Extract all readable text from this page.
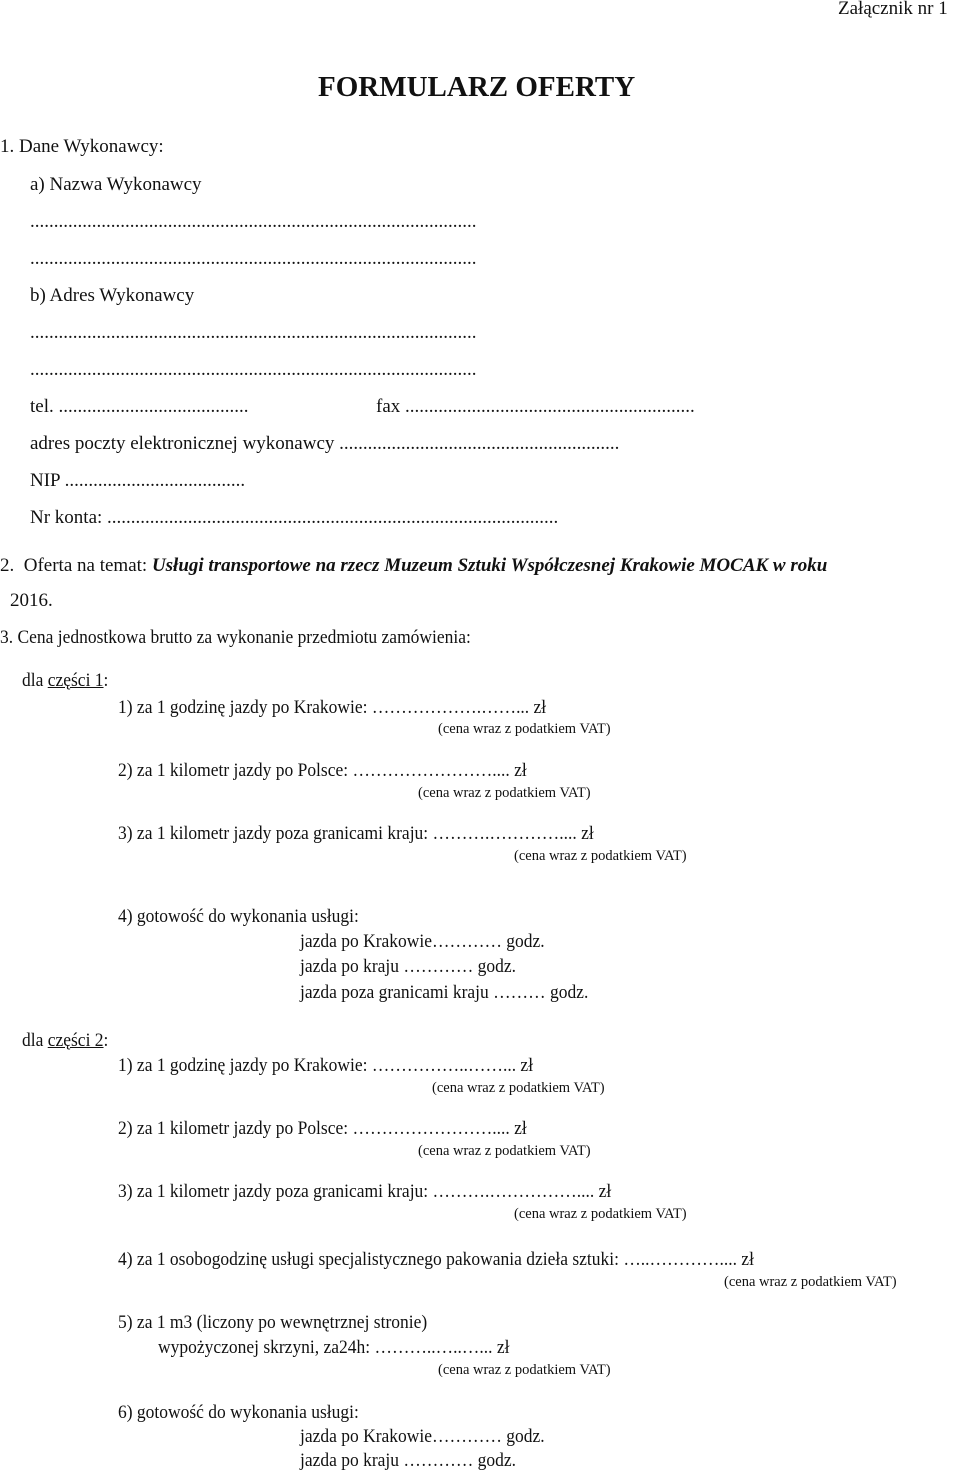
Załącznik nr 1
FORMULARZ OFERTY
1. Dane Wykonawcy:
a) Nazwa Wykonawcy
..............................................................................................
..............................................................................................
b) Adres Wykonawcy
..............................................................................................
..............................................................................................
tel. ........................................	fax .............................................................
adres poczty elektronicznej wykonawcy ...........................................................
NIP ......................................
Nr konta: ...............................................................................................
2. Oferta na temat: Usługi transportowe na rzecz Muzeum Sztuki Współczesnej Krakowie MOCAK w roku
2016.
3. Cena jednostkowa brutto za wykonanie przedmiotu zamówienia:
dla części 1:
1) za 1 godzinę jazdy po Krakowie: ……………….……... zł
(cena wraz z podatkiem VAT)
2) za 1 kilometr jazdy po Polsce: …………………….... zł
(cena wraz z podatkiem VAT)
3) za 1 kilometr jazdy poza granicami kraju: ……….………….... zł
(cena wraz z podatkiem VAT)
4) gotowość do wykonania usługi:
jazda po Krakowie………… godz.
jazda po kraju ………… godz.
jazda poza granicami kraju ……… godz.
dla części 2:
1) za 1 godzinę jazdy po Krakowie: ……………..……... zł
(cena wraz z podatkiem VAT)
2) za 1 kilometr jazdy po Polsce: …………………….... zł
(cena wraz z podatkiem VAT)
3) za 1 kilometr jazdy poza granicami kraju: ……….…………….... zł
(cena wraz z podatkiem VAT)
4) za 1 osobogodzinę usługi specjalistycznego pakowania dzieła sztuki: …..………….... zł
(cena wraz z podatkiem VAT)
5) za 1 m3 (liczony po wewnętrznej stronie)
wypożyczonej skrzyni, za24h: ………..…..…... zł
(cena wraz z podatkiem VAT)
6) gotowość do wykonania usługi:
jazda po Krakowie………… godz.
jazda po kraju ………… godz.
